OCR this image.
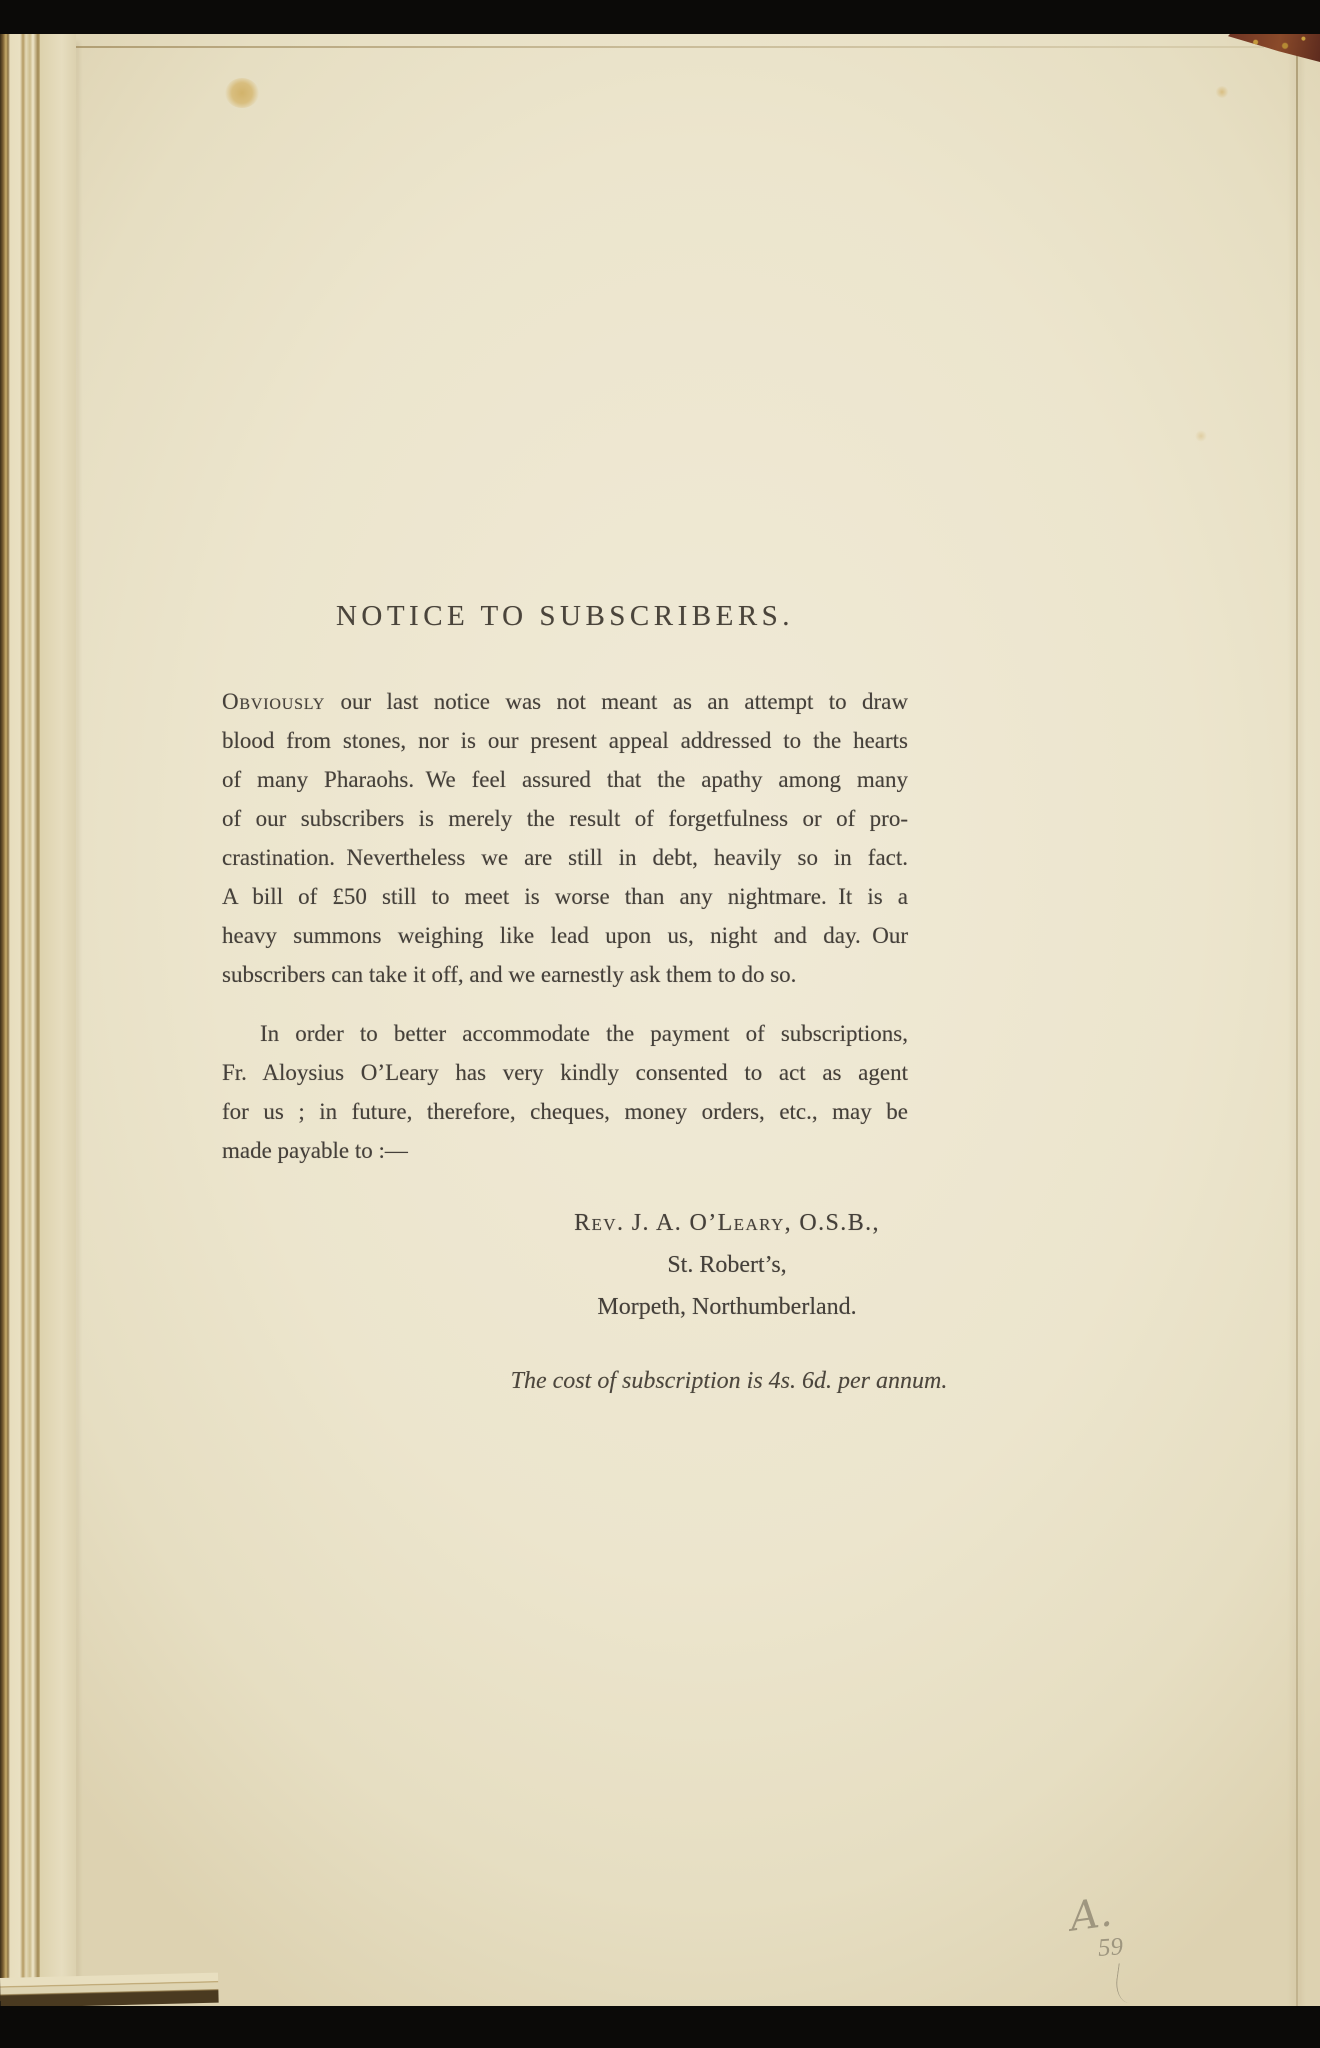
NOTICE TO SUBSCRIBERS.
Obviously our last notice was not meant as an attempt to draw
blood from stones, nor is our present appeal addressed to the hearts
of many Pharaohs. We feel assured that the apathy among many
of our subscribers is merely the result of forgetfulness or of pro-
crastination. Nevertheless we are still in debt, heavily so in fact.
A bill of £50 still to meet is worse than any nightmare. It is a
heavy summons weighing like lead upon us, night and day. Our
subscribers can take it off, and we earnestly ask them to do so.
In order to better accommodate the payment of subscriptions,
Fr. Aloysius O’Leary has very kindly consented to act as agent
for us ; in future, therefore, cheques, money orders, etc., may be
made payable to :—
Rev. J. A. O’Leary, O.S.B.,
St. Robert’s,
Morpeth, Northumberland.
The cost of subscription is 4s. 6d. per annum.
A.
59
